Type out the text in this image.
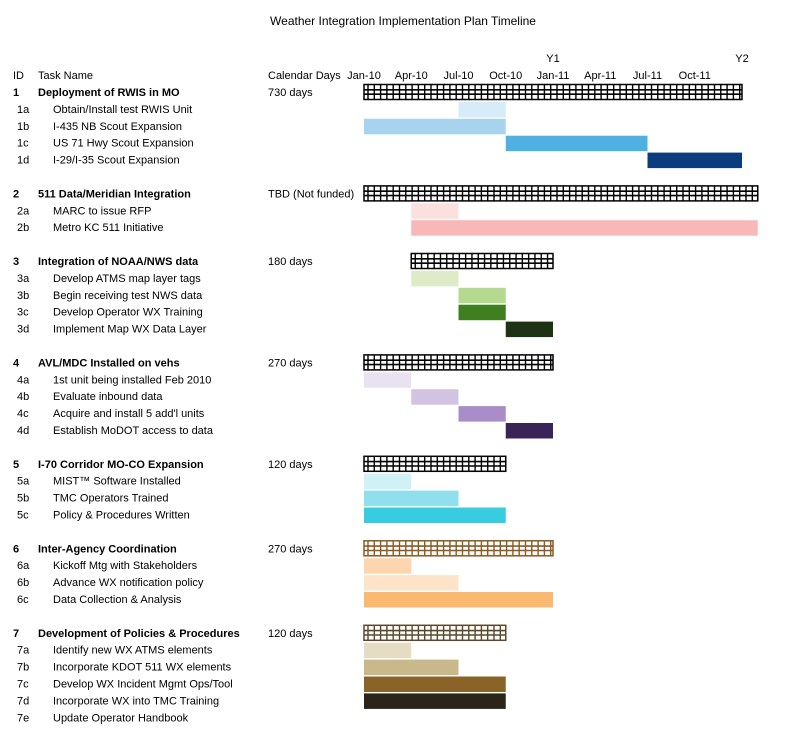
Weather Integration Implementation Plan Timeline
ID Task Name	Calendar Days
Y1	Y2
Jan-10 Apr-10 Jul-10 Oct-10 Jan-11 Apr-11 Jul-11 Oct-11
1 Deployment of RWIS in MO	730 days
1a Obtain/Install test RWIS Unit
1b I-435 NB Scout Expansion
1c US 71 Hwy Scout Expansion
1d I-29/I-35 Scout Expansion
2 511 Data/Meridian Integration	TBD (Not funded)
2a MARC to issue RFP
2b Metro KC 511 Initiative
3 Integration of NOAA/NWS data	180 days
3a Develop ATMS map layer tags
3b Begin receiving test NWS data
3c Develop Operator WX Training
3d Implement Map WX Data Layer
4 AVL/MDC Installed on vehs	270 days
4a 1st unit being installed Feb 2010
4b Evaluate inbound data
4c Acquire and install 5 add'l units
4d Establish MoDOT access to data
5 I-70 Corridor MO-CO Expansion	120 days
5a MIST™ Software Installed
5b TMC Operators Trained
5c Policy & Procedures Written
6 Inter-Agency Coordination	270 days
6a Kickoff Mtg with Stakeholders
6b Advance WX notification policy
6c Data Collection & Analysis
7 Development of Policies & Procedures	120 days
7a Identify new WX ATMS elements
7b Incorporate KDOT 511 WX elements
7c Develop WX Incident Mgmt Ops/Tool
7d Incorporate WX into TMC Training
7e Update Operator Handbook
